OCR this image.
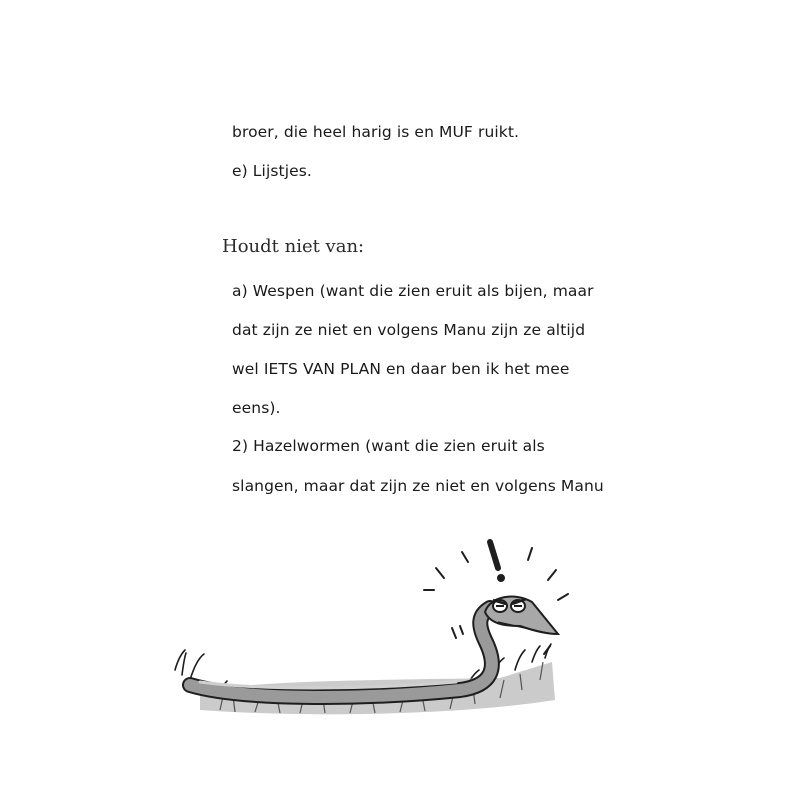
broer, die heel harig is en MUF ruikt.
e) Lijstjes.
Houdt niet van:
a) Wespen (want die zien eruit als bijen, maar
dat zijn ze niet en volgens Manu zijn ze altijd
wel IETS VAN PLAN en daar ben ik het mee
eens).
2) Hazelwormen (want die zien eruit als
slangen, maar dat zijn ze niet en volgens Manu
